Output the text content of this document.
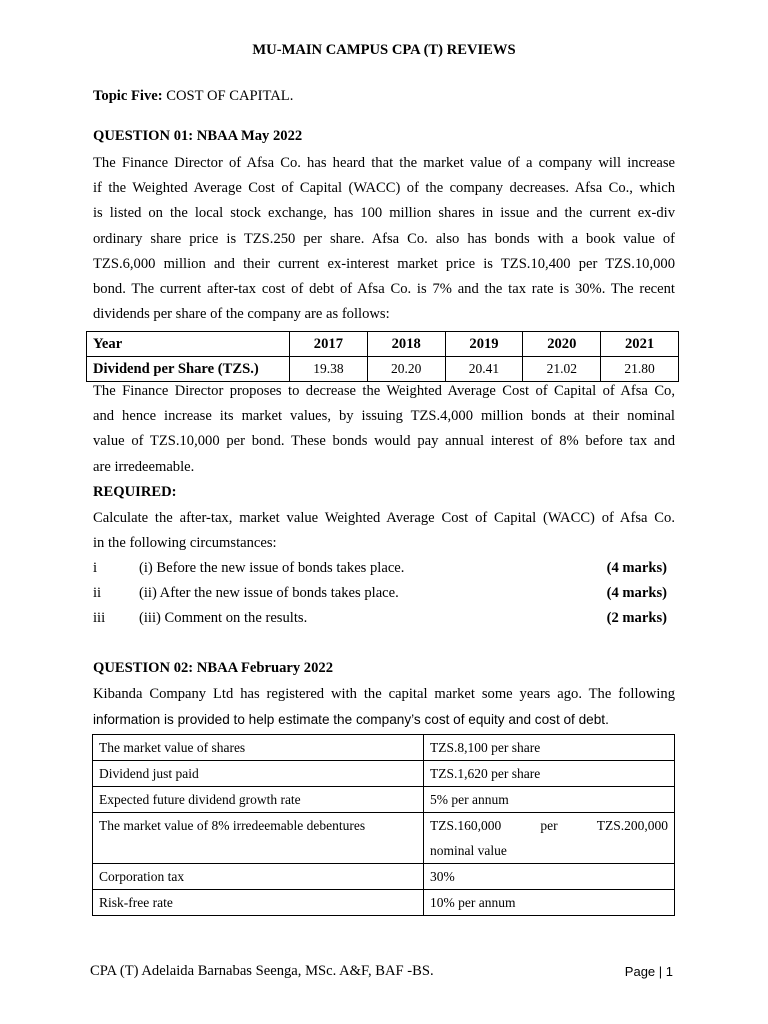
MU-MAIN CAMPUS CPA (T) REVIEWS
Topic Five: COST OF CAPITAL.
QUESTION 01: NBAA May 2022
The Finance Director of Afsa Co. has heard that the market value of a company will increase
if the Weighted Average Cost of Capital (WACC) of the company decreases. Afsa Co., which
is listed on the local stock exchange, has 100 million shares in issue and the current ex-div
ordinary share price is TZS.250 per share. Afsa Co. also has bonds with a book value of
TZS.6,000 million and their current ex-interest market price is TZS.10,400 per TZS.10,000
bond. The current after-tax cost of debt of Afsa Co. is 7% and the tax rate is 30%. The recent
dividends per share of the company are as follows:
Year	2017	2018	2019	2020	2021
Dividend per Share (TZS.)	19.38	20.20	20.41	21.02	21.80
The Finance Director proposes to decrease the Weighted Average Cost of Capital of Afsa Co,
and hence increase its market values, by issuing TZS.4,000 million bonds at their nominal
value of TZS.10,000 per bond. These bonds would pay annual interest of 8% before tax and
are irredeemable.
REQUIRED:
Calculate the after-tax, market value Weighted Average Cost of Capital (WACC) of Afsa Co.
in the following circumstances:
i	(i) Before the new issue of bonds takes place.	(4 marks)
ii	(ii) After the new issue of bonds takes place.	(4 marks)
iii (iii) Comment on the results.	(2 marks)
QUESTION 02: NBAA February 2022
Kibanda Company Ltd has registered with the capital market some years ago. The following
information is provided to help estimate the company’s cost of equity and cost of debt.
The market value of shares	TZS.8,100 per share
Dividend just paid	TZS.1,620 per share
Expected future dividend growth rate	5% per annum
The market value of 8% irredeemable debentures	TZS.160,000 per TZS.200,000
nominal value

Corporation tax	30%
Risk-free rate	10% per annum
CPA (T) Adelaida Barnabas Seenga, MSc. A&F, BAF -BS.	Page | 1
